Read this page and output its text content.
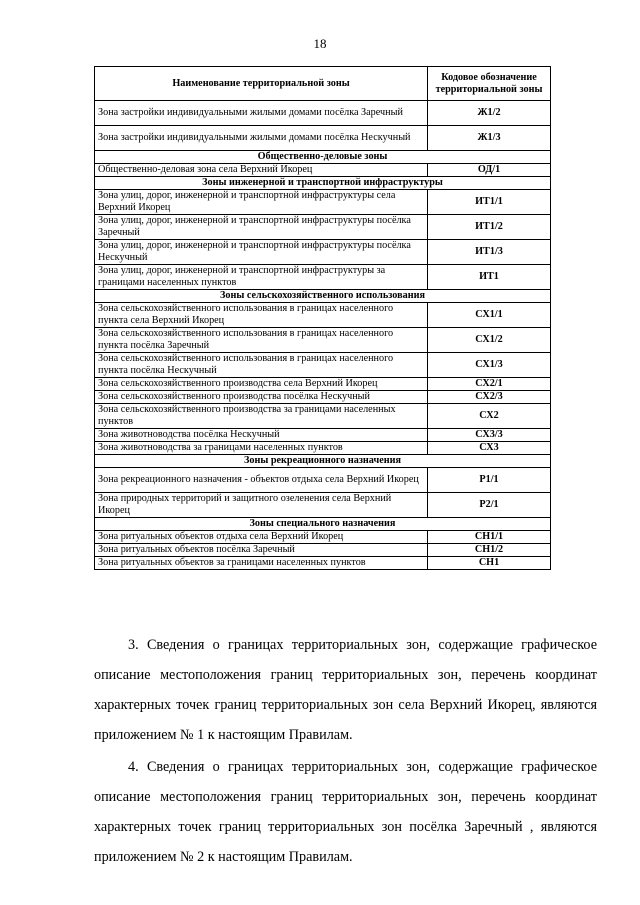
18
Наименование территориальной зоны	Кодовое обозначение территориальной зоны
Зона застройки индивидуальными жилыми домами посёлка Заречный	Ж1/2
Зона застройки индивидуальными жилыми домами посёлка Нескучный	Ж1/3
Общественно-деловые зоны	
Общественно-деловая зона села Верхний Икорец	ОД/1
Зоны инженерной и транспортной инфраструктуры	
Зона улиц, дорог, инженерной и транспортной инфраструктуры села Верхний Икорец	ИТ1/1
Зона улиц, дорог, инженерной и транспортной инфраструктуры посёлка Заречный	ИТ1/2
Зона улиц, дорог, инженерной и транспортной инфраструктуры посёлка Нескучный	ИТ1/3
Зона улиц, дорог, инженерной и транспортной инфраструктуры за границами населенных пунктов	ИТ1
Зоны сельскохозяйственного использования	
Зона сельскохозяйственного использования в границах населенного пункта села Верхний Икорец	СХ1/1
Зона сельскохозяйственного использования в границах населенного пункта посёлка Заречный	СХ1/2
Зона сельскохозяйственного использования в границах населенного пункта посёлка Нескучный	СХ1/3
Зона сельскохозяйственного производства села Верхний Икорец	СХ2/1
Зона сельскохозяйственного производства посёлка Нескучный	СХ2/3
Зона сельскохозяйственного производства за границами населенных пунктов	СХ2
Зона животноводства посёлка Нескучный	СХ3/3
Зона животноводства за границами населенных пунктов	СХ3
Зоны рекреационного назначения	
Зона рекреационного назначения - объектов отдыха села Верхний Икорец	Р1/1
Зона природных территорий и защитного озеленения села Верхний Икорец	Р2/1
Зоны специального назначения	
Зона ритуальных объектов отдыха села Верхний Икорец	СН1/1
Зона ритуальных объектов посёлка Заречный	СН1/2
Зона ритуальных объектов за границами населенных пунктов	СН1

3. Сведения о границах территориальных зон, содержащие графическое описание местоположения границ территориальных зон, перечень координат характерных точек границ территориальных зон села Верхний Икорец, являются приложением № 1 к настоящим Правилам.

4. Сведения о границах территориальных зон, содержащие графическое описание местоположения границ территориальных зон, перечень координат характерных точек границ территориальных зон посёлка Заречный , являются приложением № 2 к настоящим Правилам.
